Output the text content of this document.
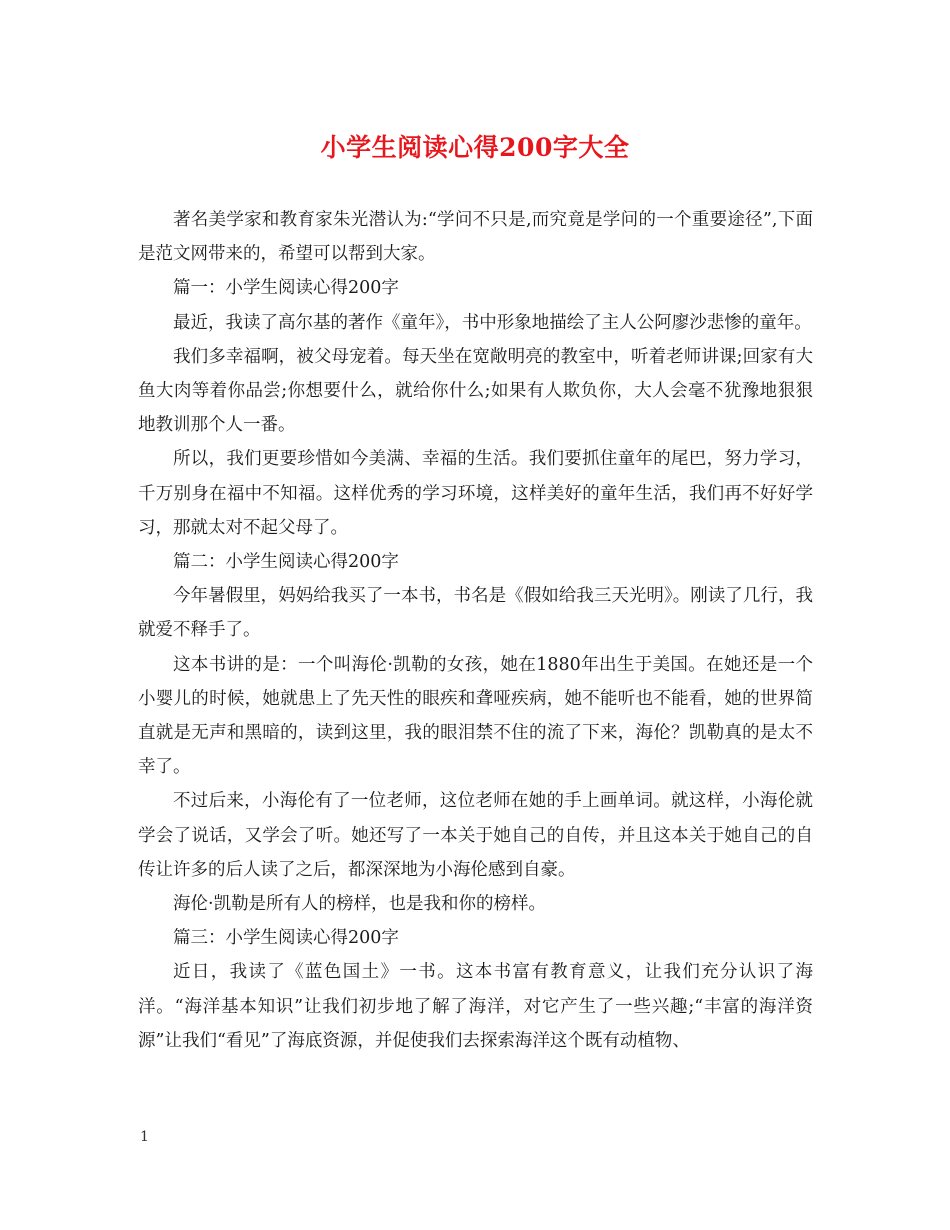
小学生阅读心得200字大全

著名美学家和教育家朱光潜认为:“学问不只是,而究竟是学问的一个重要途径”,下面是范文网带来的，希望可以帮到大家。

篇一：小学生阅读心得200字

最近，我读了高尔基的著作《童年》，书中形象地描绘了主人公阿廖沙悲惨的童年。

我们多幸福啊，被父母宠着。每天坐在宽敞明亮的教室中，听着老师讲课;回家有大鱼大肉等着你品尝;你想要什么，就给你什么;如果有人欺负你，大人会毫不犹豫地狠狠地教训那个人一番。

所以，我们更要珍惜如今美满、幸福的生活。我们要抓住童年的尾巴，努力学习，千万别身在福中不知福。这样优秀的学习环境，这样美好的童年生活，我们再不好好学习，那就太对不起父母了。

篇二：小学生阅读心得200字

今年暑假里，妈妈给我买了一本书，书名是《假如给我三天光明》。刚读了几行，我就爱不释手了。

这本书讲的是：一个叫海伦·凯勒的女孩，她在1880年出生于美国。在她还是一个小婴儿的时候，她就患上了先天性的眼疾和聋哑疾病，她不能听也不能看，她的世界简直就是无声和黑暗的，读到这里，我的眼泪禁不住的流了下来，海伦？凯勒真的是太不幸了。

不过后来，小海伦有了一位老师，这位老师在她的手上画单词。就这样，小海伦就学会了说话，又学会了听。她还写了一本关于她自己的自传，并且这本关于她自己的自传让许多的后人读了之后，都深深地为小海伦感到自豪。

海伦·凯勒是所有人的榜样，也是我和你的榜样。

篇三：小学生阅读心得200字

近日，我读了《蓝色国土》一书。这本书富有教育意义，让我们充分认识了海洋。“海洋基本知识”让我们初步地了解了海洋，对它产生了一些兴趣;“丰富的海洋资源”让我们“看见”了海底资源，并促使我们去探索海洋这个既有动植物、

1
